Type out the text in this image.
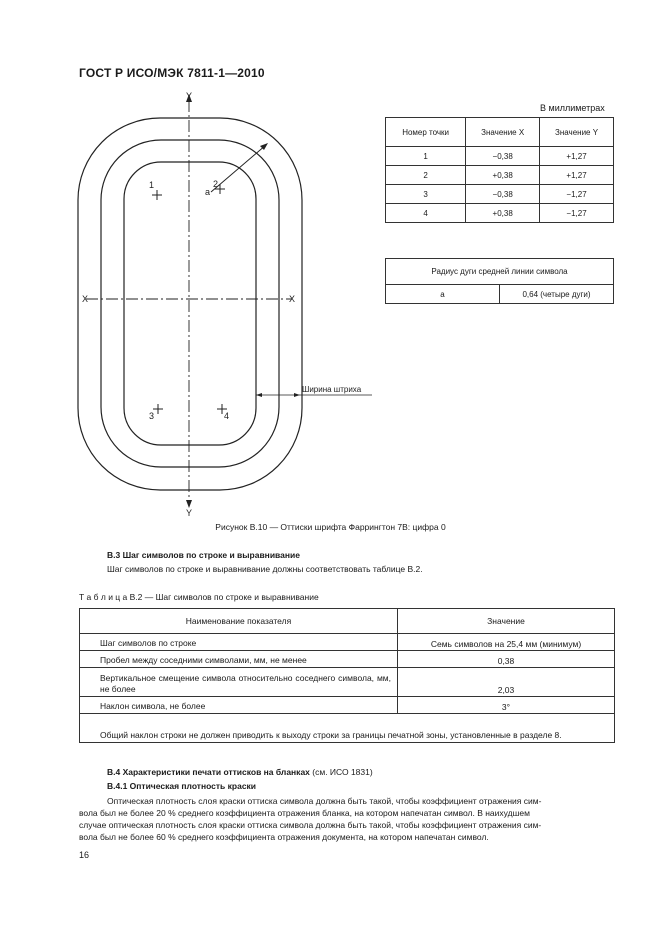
ГОСТ Р ИСО/МЭК 7811-1—2010
Y
Y
X	X
1	2
3	4
a
Ширина штриха
В миллиметрах
Номер точки	Значение X	Значение Y
1	−0,38	+1,27
2	+0,38	+1,27
3	−0,38	−1,27
4	+0,38	−1,27
Радиус дуги средней линии символа
a	0,64 (четыре дуги)
Рисунок В.10 — Оттиски шрифта Фаррингтон 7В: цифра 0
В.3 Шаг символов по строке и выравнивание
Шаг символов по строке и выравнивание должны соответствовать таблице В.2.
Т а б л и ц а В.2 — Шаг символов по строке и выравнивание
Наименование показателя	Значение
Шаг символов по строке	Семь символов на 25,4 мм (минимум)
Пробел между соседними символами, мм, не менее	0,38
Вертикальное смещение символа относительно соседнего символа, мм, не более	2,03
Наклон символа, не более	3°
Общий наклон строки не должен приводить к выходу строки за границы печатной зоны, установленные в разделе 8.	
В.4 Характеристики печати оттисков на бланках (см. ИСО 1831)
В.4.1 Оптическая плотность краски
Оптическая плотность слоя краски оттиска символа должна быть такой, чтобы коэффициент отражения сим-
вола был не более 20 % среднего коэффициента отражения бланка, на котором напечатан символ. В наихудшем
случае оптическая плотность слоя краски оттиска символа должна быть такой, чтобы коэффициент отражения сим-
вола был не более 60 % среднего коэффициента отражения документа, на котором напечатан символ.
16
